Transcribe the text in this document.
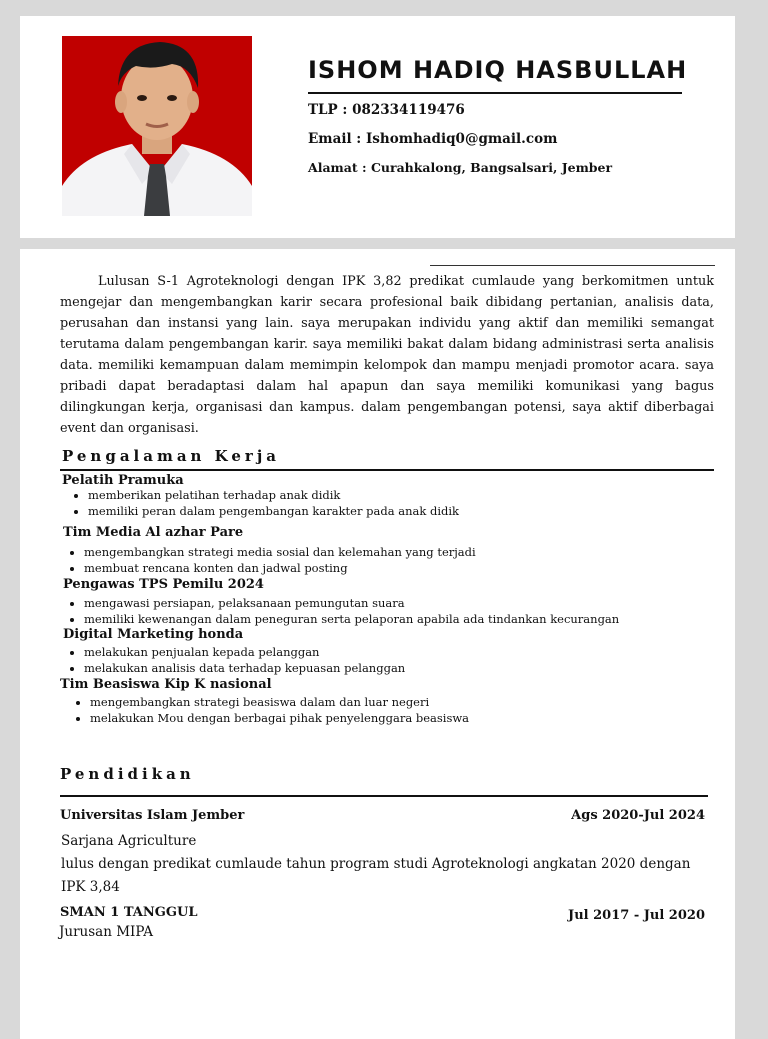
ISHOM HADIQ HASBULLAH
TLP : 082334119476
Email : Ishomhadiq0@gmail.com
Alamat : Curahkalong, Bangsalsari, Jember

Lulusan S-1 Agroteknologi dengan IPK 3,82 predikat cumlaude yang berkomitmen untuk mengejar dan mengembangkan karir secara profesional baik dibidang pertanian, analisis data, perusahan dan instansi yang lain. saya merupakan individu yang aktif dan memiliki semangat terutama dalam pengembangan karir. saya memiliki bakat dalam bidang administrasi serta analisis data. memiliki kemampuan dalam memimpin kelompok dan mampu menjadi promotor acara. saya pribadi dapat beradaptasi dalam hal apapun dan saya memiliki komunikasi yang bagus dilingkungan kerja, organisasi dan kampus. dalam pengembangan potensi, saya aktif diberbagai event dan organisasi.

Pengalaman Kerja
Pelatih Pramuka
• memberikan pelatihan terhadap anak didik
• memiliki peran dalam pengembangan karakter pada anak didik
Tim Media Al azhar Pare
• mengembangkan strategi media sosial dan kelemahan yang terjadi
• membuat rencana konten dan jadwal posting
Pengawas TPS Pemilu 2024
• mengawasi persiapan, pelaksanaan pemungutan suara
• memiliki kewenangan dalam peneguran serta pelaporan apabila ada tindankan kecurangan
Digital Marketing honda
• melakukan penjualan kepada pelanggan
• melakukan analisis data terhadap kepuasan pelanggan
Tim Beasiswa Kip K nasional
• mengembangkan strategi beasiswa dalam dan luar negeri
• melakukan Mou dengan berbagai pihak penyelenggara beasiswa
Pendidikan
Universitas Islam Jember	Ags 2020-Jul 2024
Sarjana Agriculture
lulus dengan predikat cumlaude tahun program studi Agroteknologi angkatan 2020 dengan IPK 3,84
SMAN 1 TANGGUL	Jul 2017 - Jul 2020
Jurusan MIPA
